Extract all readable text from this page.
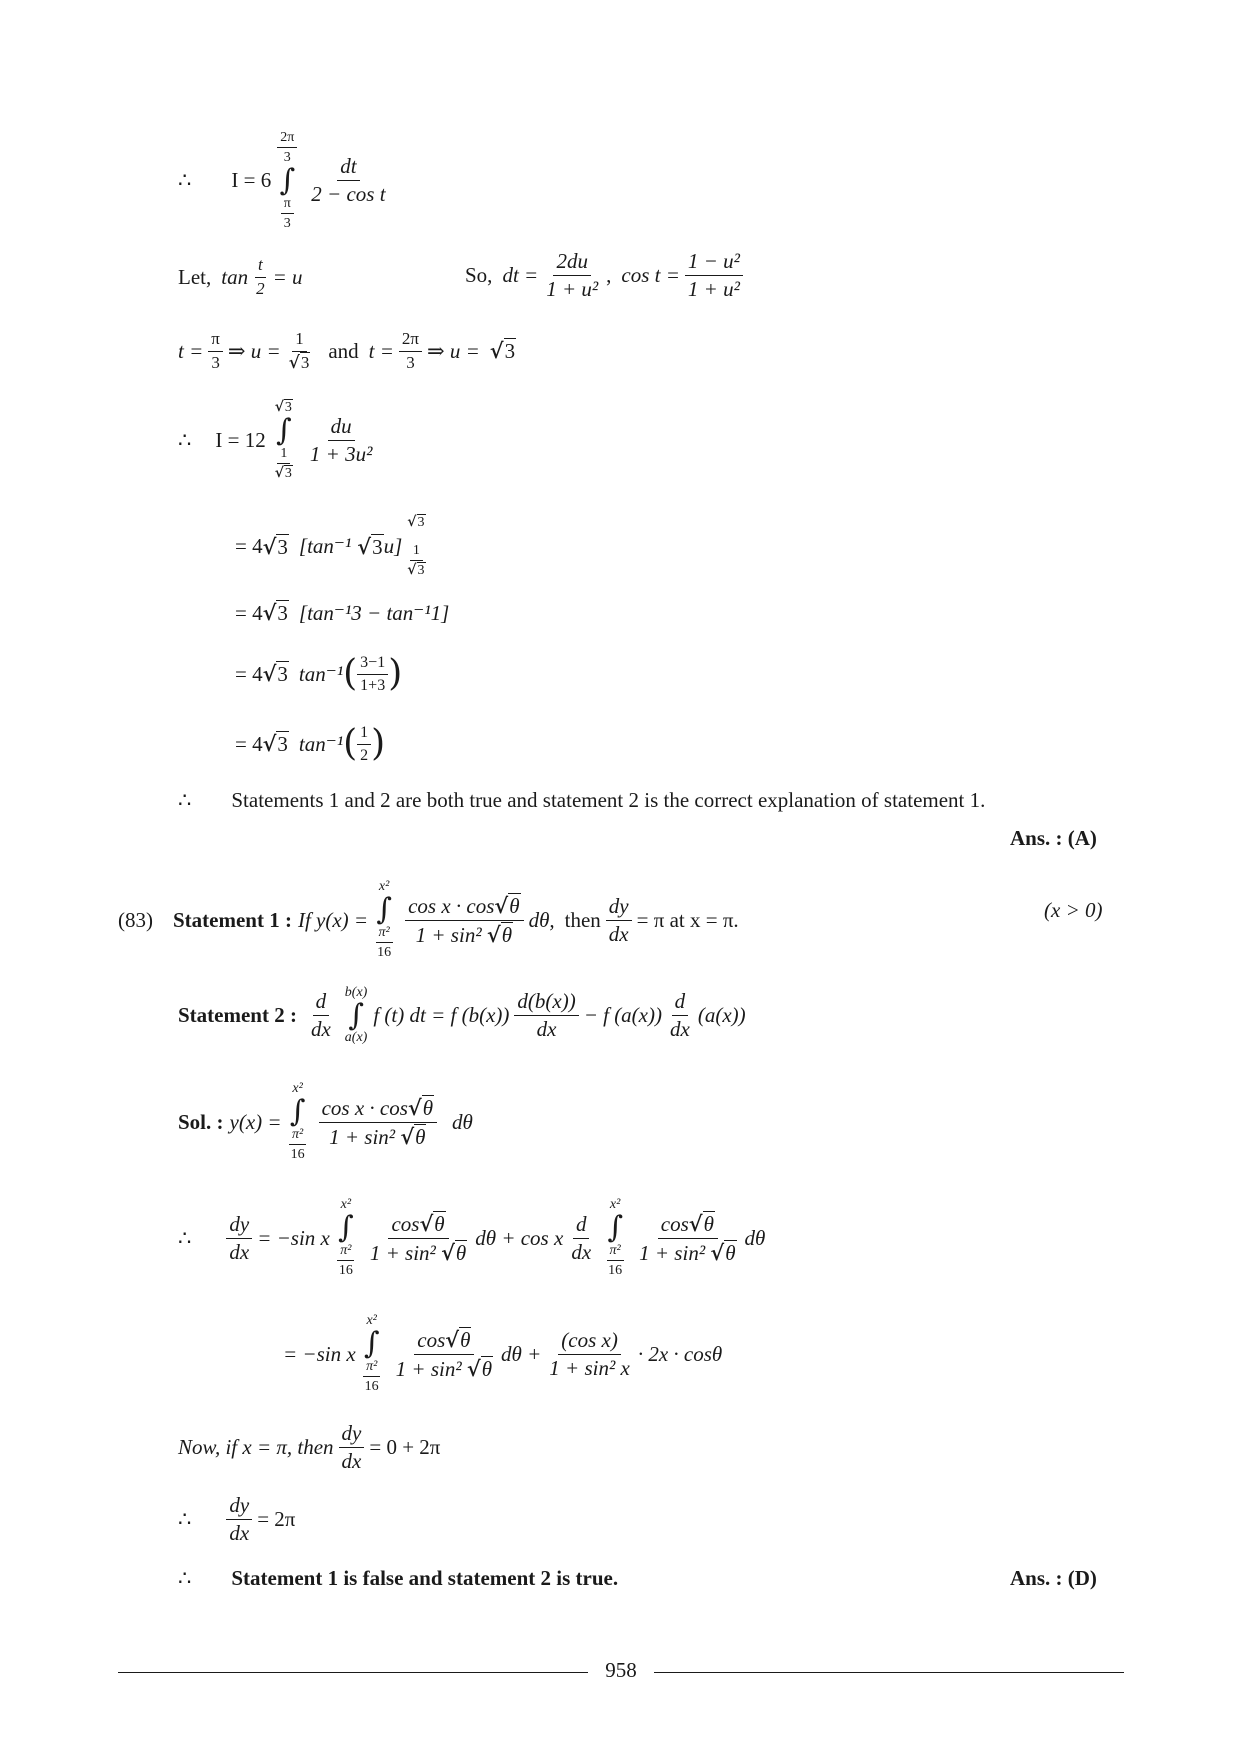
∴ I = 6
$\frac{2\pi}{3}$
∫
$\frac{\pi}{3}$
$\frac{dt}{\text{2 − cos t}}$
Let, $\tan \frac{t}{2} = u$	So, dt = $\frac{2du}{\text{1 + u²}}$ , $\cos t = \frac{\text{1 − u²}}{\text{1 + u²}}$
$t = \frac{\pi}{3}$ ⇒ $u = \frac{1}{√3}$ and $t = \frac{2\pi}{3}$ ⇒ u = √3
∴ I = 12
√3
∫
$\frac{1}{√3} \frac{du}{\text{1 + 3u²}}$
= 4 √3 [tan⁻¹ √3 u]
√3
$\frac{1}{√3}$
= 4 √3 [tan⁻¹3 − tan⁻¹1]
= 4 √3 tan⁻¹ ( $\frac{3-1}{1+3}$ )
= 4 √3 tan⁻¹ ( $\frac{1}{2}$ )
∴ Statements 1 and 2 are both true and statement 2 is the correct explanation of statement 1.
Ans. : (A)
(83) Statement 1 : If y(x) =
x²
∫
$\frac{\text{π²}}{16} \frac{\text{cos x · cos√θ}}{\text{1 + sin² √θ}} d\theta$, then $\frac{dy}{dx} = \pi$ at x = π.	(x > 0)
Statement 2 : $\frac{d}{dx} b(x)$
∫
a(x)
f (t) dt = f $(b(x)) \frac{d(b(x))}{dx} - f$ $(a(x)) \frac{d}{dx} (a(x))$
Sol. : y(x) =
x²
∫
$\frac{\text{π²}}{16} \frac{\text{cos x · cos√θ}}{\text{1 + sin² √θ}}$ dθ
∴ $\frac{dy}{dx} = -\sin$ x
x²
∫
$\frac{\text{π²}}{16} \frac{\cos√\theta}{\text{1 + sin² √θ}}$ dθ + cos x $\frac{d}{dx}$
x²
∫
$\frac{\text{π²}}{16} \frac{\cos√\theta}{\text{1 + sin² √θ}}$ dθ
= −sin x
x²
∫
$\frac{\text{π²}}{16} \frac{\cos√\theta}{\text{1 + sin² √θ}}$ $d\theta + \frac{\text{(cos x)}}{\text{1 + sin² x}} \cdot 2x \cdot \cos\theta$
Now, if x = π, then $\frac{dy}{dx} = 0 + 2\pi$
∴ $\frac{dy}{dx} = 2\pi$
∴ Statement 1 is false and statement 2 is true.	Ans. : (D)
958
